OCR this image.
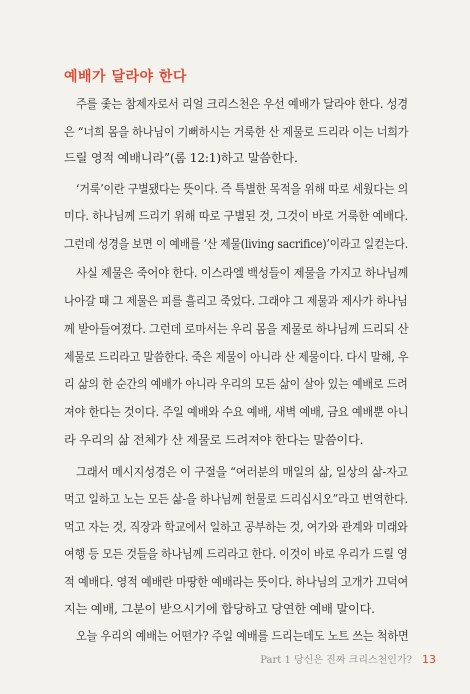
예배가 달라야 한다
주를 좇는 참제자로서 리얼 크리스천은 우선 예배가 달라야 한다. 성경
은 “너희 몸을 하나님이 기뻐하시는 거룩한 산 제물로 드리라 이는 너희가
드릴 영적 예배니라”(롬 12:1)하고 말씀한다.
‘거룩’이란 구별됐다는 뜻이다. 즉 특별한 목적을 위해 따로 세웠다는 의
미다. 하나님께 드리기 위해 따로 구별된 것, 그것이 바로 거룩한 예배다.
그런데 성경을 보면 이 예배를 ‘산 제물(living sacrifice)’이라고 일컫는다.
사실 제물은 죽어야 한다. 이스라엘 백성들이 제물을 가지고 하나님께
나아갈 때 그 제물은 피를 흘리고 죽었다. 그래야 그 제물과 제사가 하나님
께 받아들여졌다. 그런데 로마서는 우리 몸을 제물로 하나님께 드리되 산
제물로 드리라고 말씀한다. 죽은 제물이 아니라 산 제물이다. 다시 말해, 우
리 삶의 한 순간의 예배가 아니라 우리의 모든 삶이 살아 있는 예배로 드려
져야 한다는 것이다. 주일 예배와 수요 예배, 새벽 예배, 금요 예배뿐 아니
라 우리의 삶 전체가 산 제물로 드려져야 한다는 말씀이다.
그래서 메시지성경은 이 구절을 “여러분의 매일의 삶, 일상의 삶-자고
먹고 일하고 노는 모든 삶-을 하나님께 헌물로 드리십시오”라고 번역한다.
먹고 자는 것, 직장과 학교에서 일하고 공부하는 것, 여가와 관계와 미래와
여행 등 모든 것들을 하나님께 드리라고 한다. 이것이 바로 우리가 드릴 영
적 예배다. 영적 예배란 마땅한 예배라는 뜻이다. 하나님의 고개가 끄덕여
지는 예배, 그분이 받으시기에 합당하고 당연한 예배 말이다.
오늘 우리의 예배는 어떤가? 주일 예배를 드리는데도 노트 쓰는 척하면
Part 1 당신은 진짜 크리스천인가? 13
